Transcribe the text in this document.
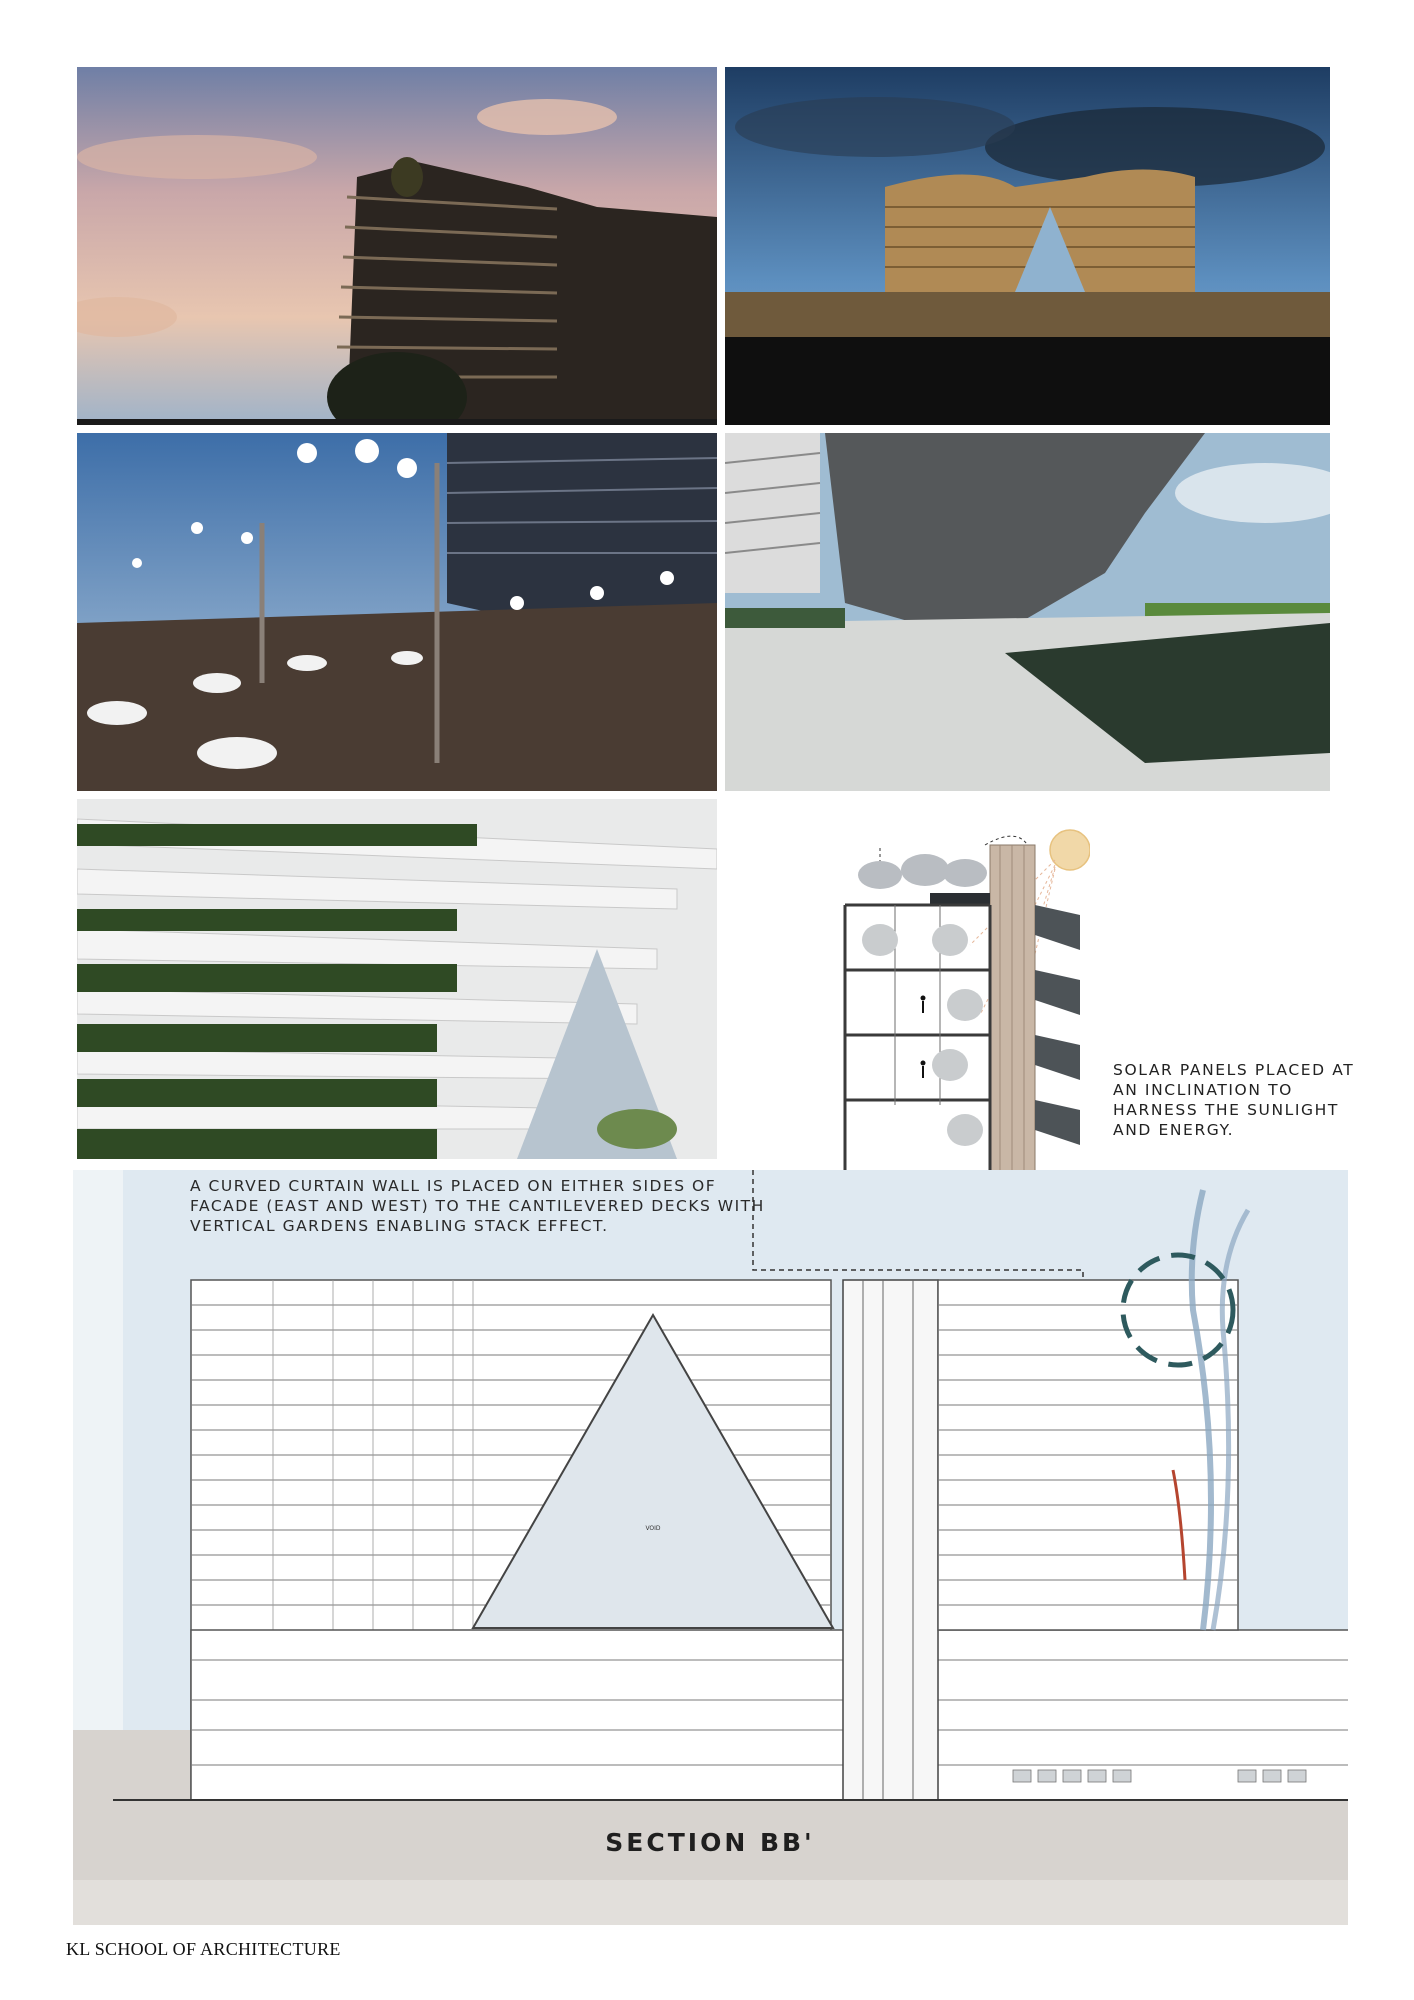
SOLAR PANELS PLACED AT AN INCLINATION TO HARNESS THE SUNLIGHT AND ENERGY.
VOID
A CURVED CURTAIN WALL IS PLACED ON EITHER SIDES OF FACADE (EAST AND WEST) TO THE CANTILEVERED DECKS WITH VERTICAL GARDENS ENABLING STACK EFFECT.
SECTION BB'
KL SCHOOL OF ARCHITECTURE
